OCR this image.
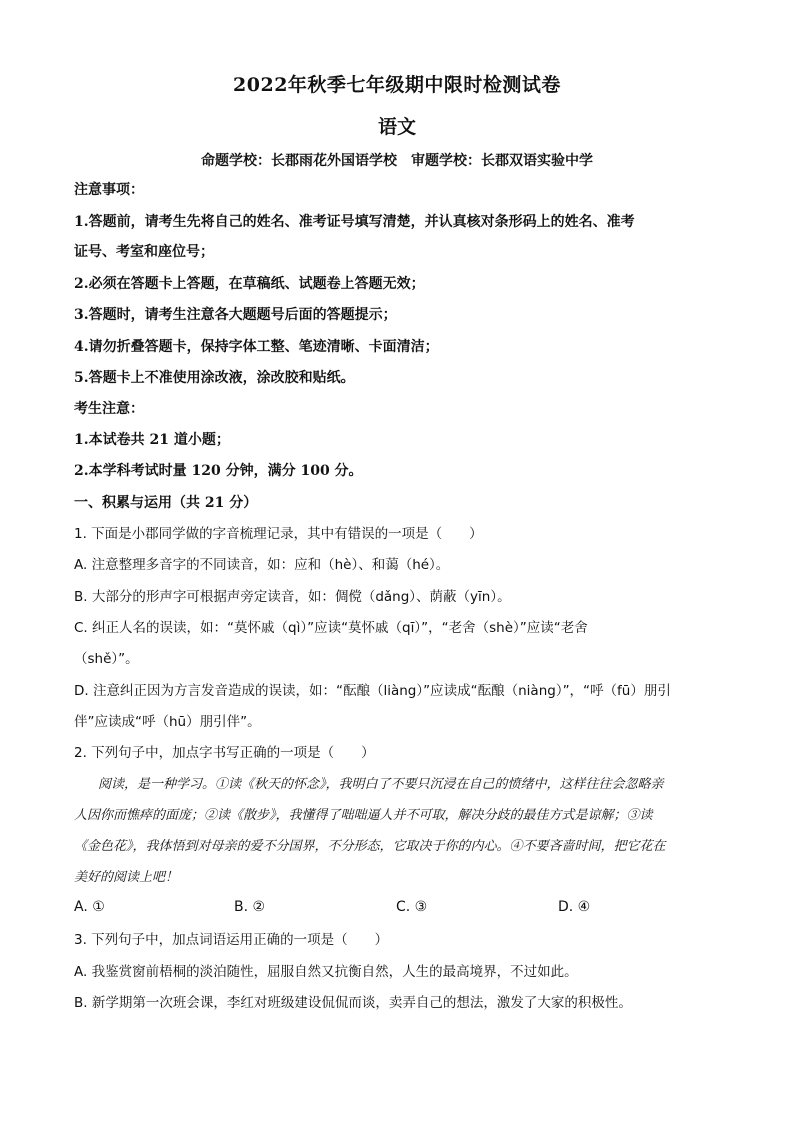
2022年秋季七年级期中限时检测试卷
语文
命题学校：长郡雨花外国语学校　审题学校：长郡双语实验中学
注意事项：
1.答题前，请考生先将自己的姓名、准考证号填写清楚，并认真核对条形码上的姓名、准考
证号、考室和座位号；
2.必须在答题卡上答题，在草稿纸、试题卷上答题无效；
3.答题时，请考生注意各大题题号后面的答题提示；
4.请勿折叠答题卡，保持字体工整、笔迹清晰、卡面清洁；
5.答题卡上不准使用涂改液，涂改胶和贴纸。
考生注意：
1.本试卷共 21 道小题；
2.本学科考试时量 120 分钟，满分 100 分。
一、积累与运用（共 21 分）
1. 下面是小郡同学做的字音梳理记录，其中有错误的一项是（　　）
A. 注意整理多音字的不同读音，如：应和（hè）、和蔼（hé）。
B. 大部分的形声字可根据声旁定读音，如：倜傥（dǎng）、荫蔽（yīn）。
C. 纠正人名的误读，如：“莫怀戚（qì）”应读“莫怀戚（qī）”，“老舍（shè）”应读“老舍
（shě）”。
D. 注意纠正因为方言发音造成的误读，如：“酝酿（liàng）”应读成“酝酿（niàng）”，“呼（fū）朋引
伴”应读成“呼（hū）朋引伴”。
2. 下列句子中，加点字书写正确的一项是（　　）
阅读，是一种学习。①读《秋天的怀念》，我明白了不要只沉浸在自己的愤绪中，这样往往会忽略亲
人因你而憔瘁的面庞；②读《散步》，我懂得了咄咄逼人并不可取，解决分歧的最佳方式是谅解；③读
《金色花》，我体悟到对母亲的爱不分国界，不分形态，它取决于你的内心。④不要吝啬时间，把它花在
美好的阅读上吧！
A. ①	B. ②	C. ③	D. ④
3. 下列句子中，加点词语运用正确的一项是（　　）
A. 我鉴赏窗前梧桐的淡泊随性，屈服自然又抗衡自然，人生的最高境界，不过如此。
B. 新学期第一次班会课，李红对班级建设侃侃而谈，卖弄自己的想法，激发了大家的积极性。
